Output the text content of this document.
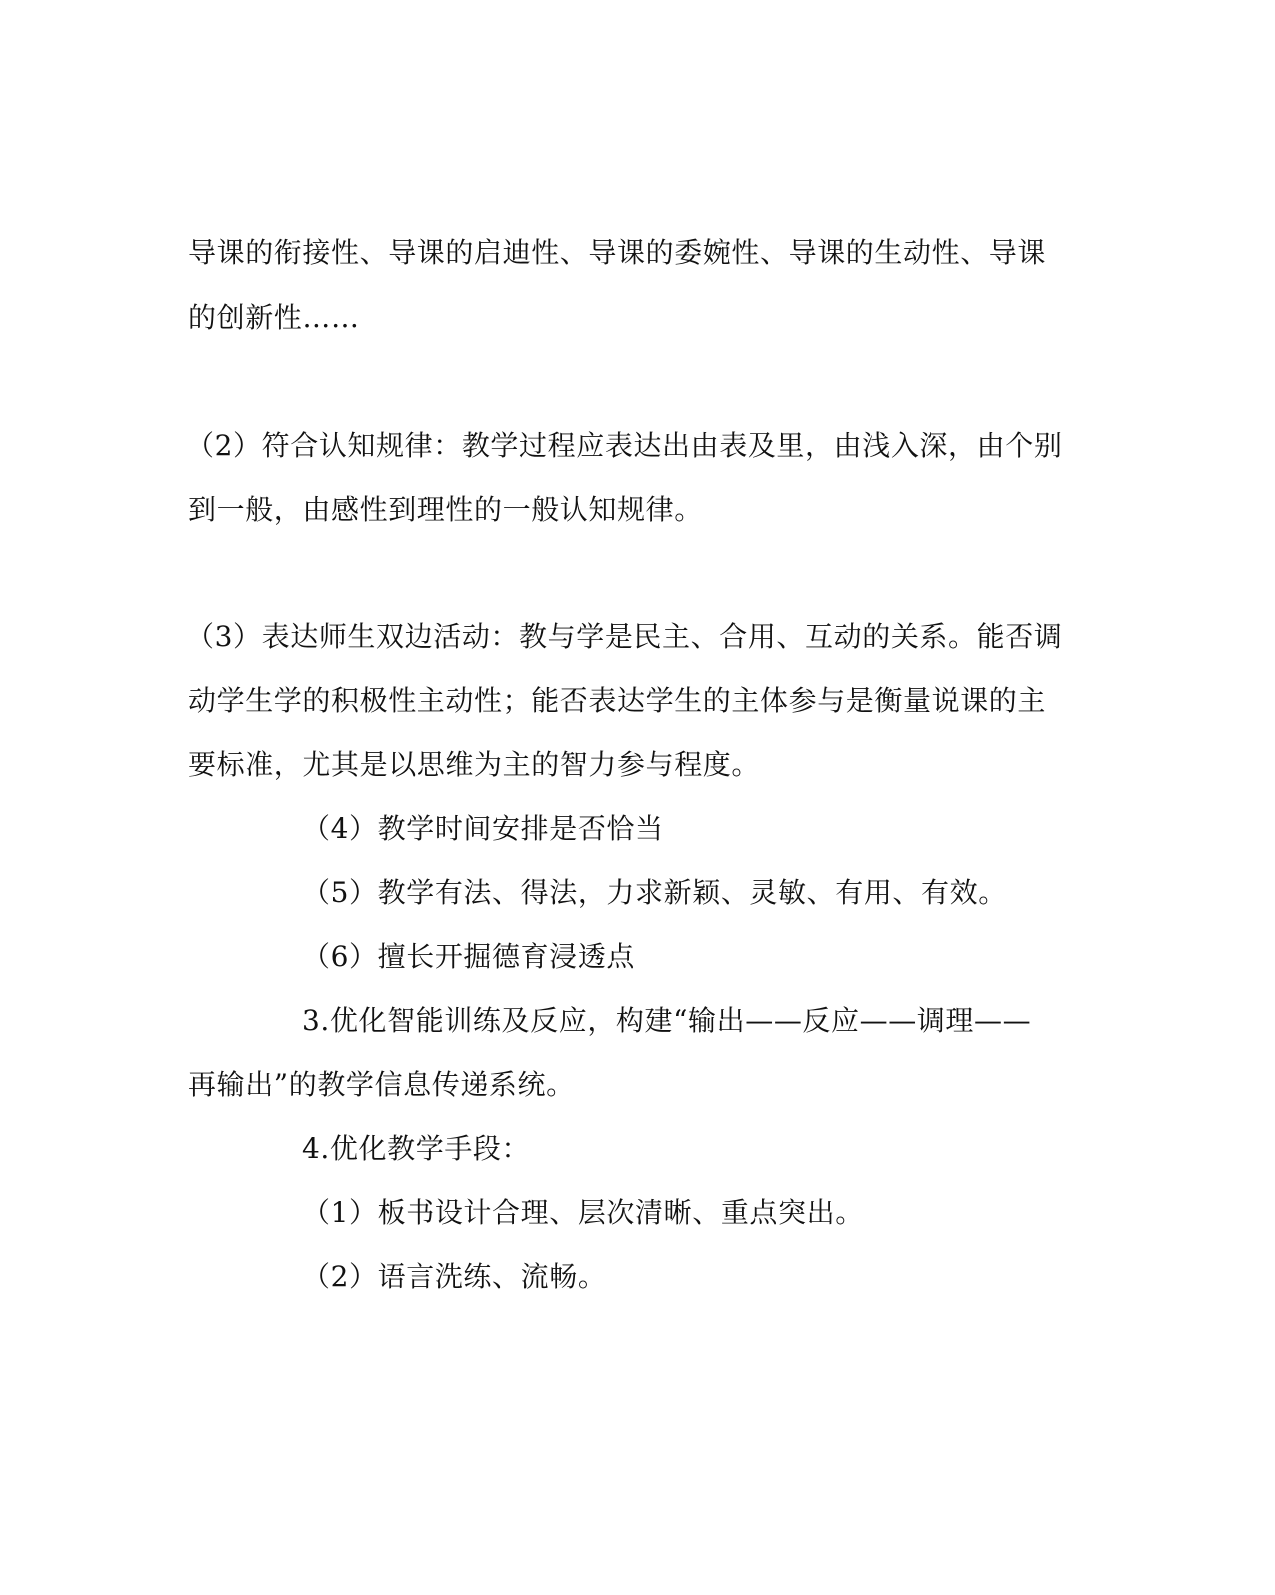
导课的衔接性、导课的启迪性、导课的委婉性、导课的生动性、导课
的创新性……
（2）符合认知规律：教学过程应表达出由表及里，由浅入深，由个别
到一般，由感性到理性的一般认知规律。
（3）表达师生双边活动：教与学是民主、合用、互动的关系。能否调
动学生学的积极性主动性；能否表达学生的主体参与是衡量说课的主
要标准，尤其是以思维为主的智力参与程度。
（4）教学时间安排是否恰当
（5）教学有法、得法，力求新颖、灵敏、有用、有效。
（6）擅长开掘德育浸透点
3.优化智能训练及反应，构建“输出——反应——调理——
再输出”的教学信息传递系统。
4.优化教学手段：
（1）板书设计合理、层次清晰、重点突出。
（2）语言洗练、流畅。
